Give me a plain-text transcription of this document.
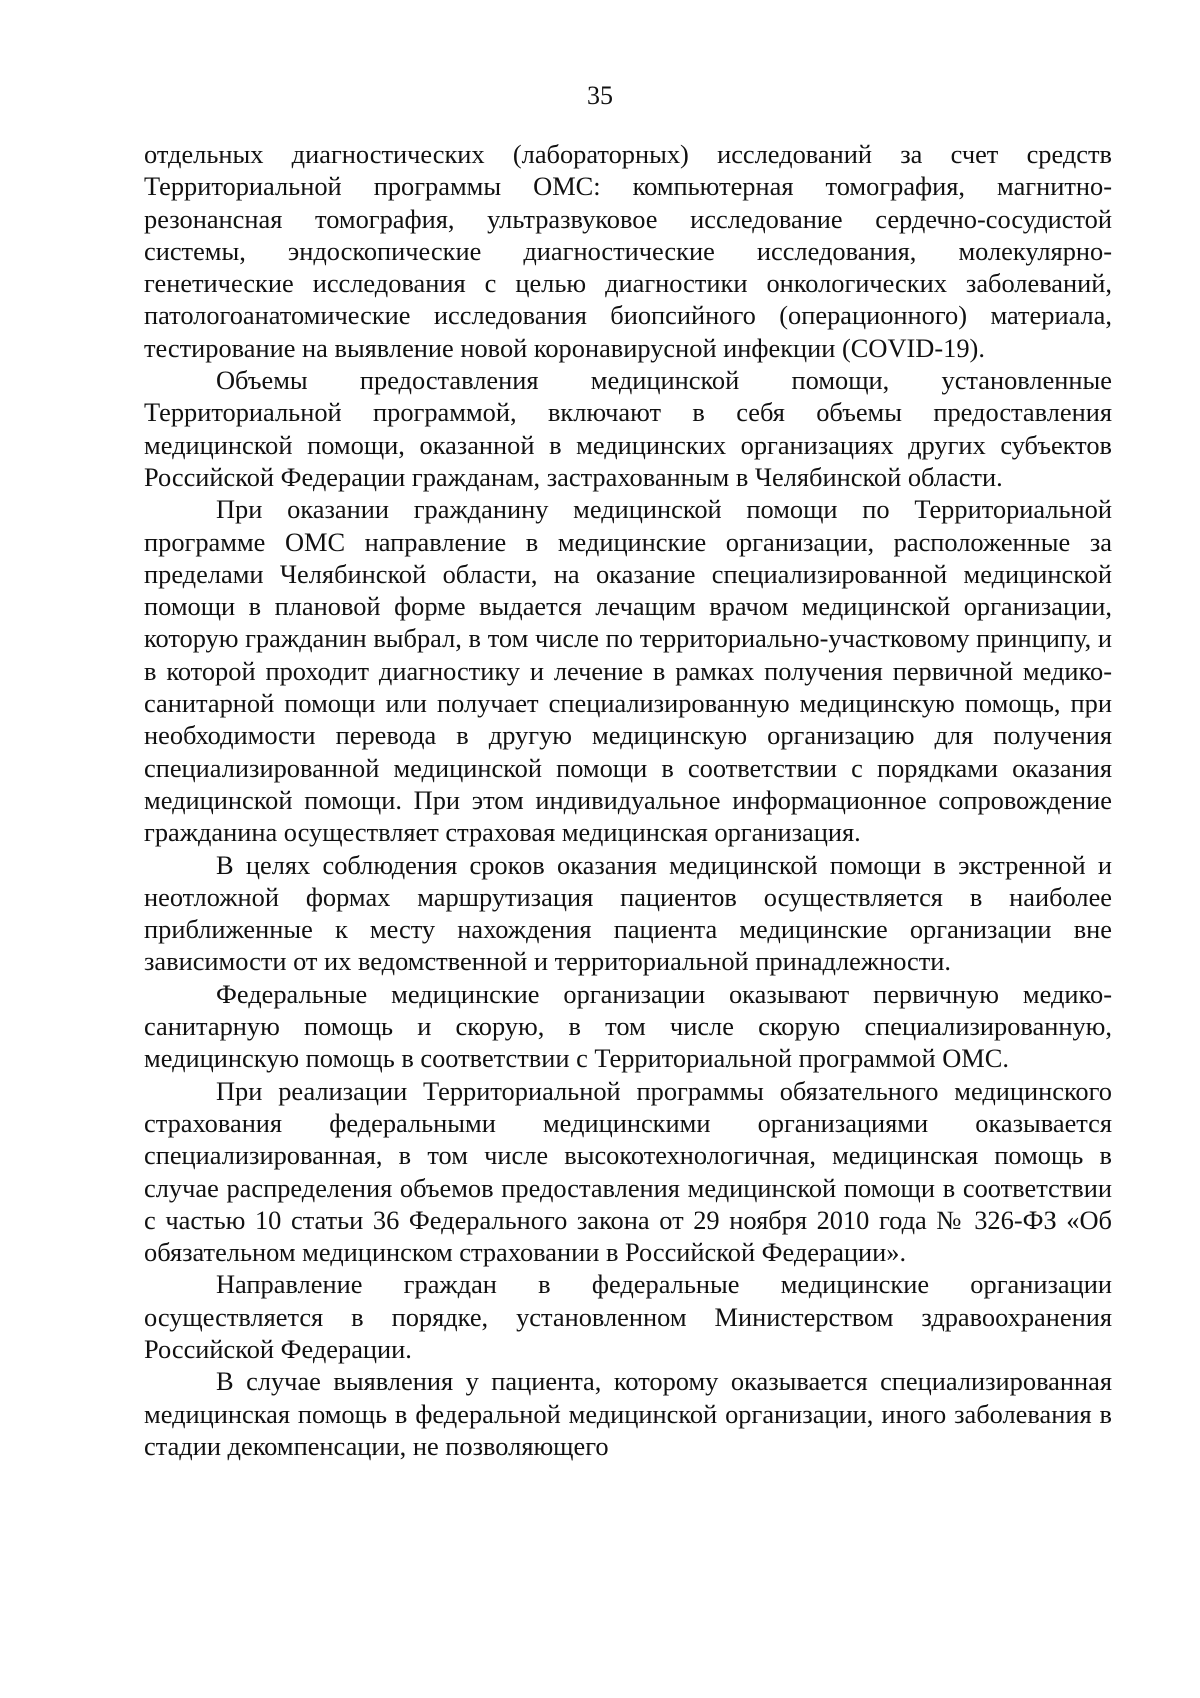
35

отдельных диагностических (лабораторных) исследований за счет средств Территориальной программы ОМС: компьютерная томография, магнитно-резонансная томография, ультразвуковое исследование сердечно-сосудистой системы, эндоскопические диагностические исследования, молекулярно-генетические исследования с целью диагностики онкологических заболеваний, патологоанатомические исследования биопсийного (операционного) материала, тестирование на выявление новой коронавирусной инфекции (COVID-19).

Объемы предоставления медицинской помощи, установленные Территориальной программой, включают в себя объемы предоставления медицинской помощи, оказанной в медицинских организациях других субъектов Российской Федерации гражданам, застрахованным в Челябинской области.

При оказании гражданину медицинской помощи по Территориальной программе ОМС направление в медицинские организации, расположенные за пределами Челябинской области, на оказание специализированной медицинской помощи в плановой форме выдается лечащим врачом медицинской организации, которую гражданин выбрал, в том числе по территориально-участковому принципу, и в которой проходит диагностику и лечение в рамках получения первичной медико-санитарной помощи или получает специализированную медицинскую помощь, при необходимости перевода в другую медицинскую организацию для получения специализированной медицинской помощи в соответствии с порядками оказания медицинской помощи. При этом индивидуальное информационное сопровождение гражданина осуществляет страховая медицинская организация.

В целях соблюдения сроков оказания медицинской помощи в экстренной и неотложной формах маршрутизация пациентов осуществляется в наиболее приближенные к месту нахождения пациента медицинские организации вне зависимости от их ведомственной и территориальной принадлежности.

Федеральные медицинские организации оказывают первичную медико-санитарную помощь и скорую, в том числе скорую специализированную, медицинскую помощь в соответствии с Территориальной программой ОМС.

При реализации Территориальной программы обязательного медицинского страхования федеральными медицинскими организациями оказывается специализированная, в том числе высокотехнологичная, медицинская помощь в случае распределения объемов предоставления медицинской помощи в соответствии с частью 10 статьи 36 Федерального закона от 29 ноября 2010 года № 326-ФЗ «Об обязательном медицинском страховании в Российской Федерации».

Направление граждан в федеральные медицинские организации осуществляется в порядке, установленном Министерством здравоохранения Российской Федерации.

В случае выявления у пациента, которому оказывается специализированная медицинская помощь в федеральной медицинской организации, иного заболевания в стадии декомпенсации, не позволяющего
